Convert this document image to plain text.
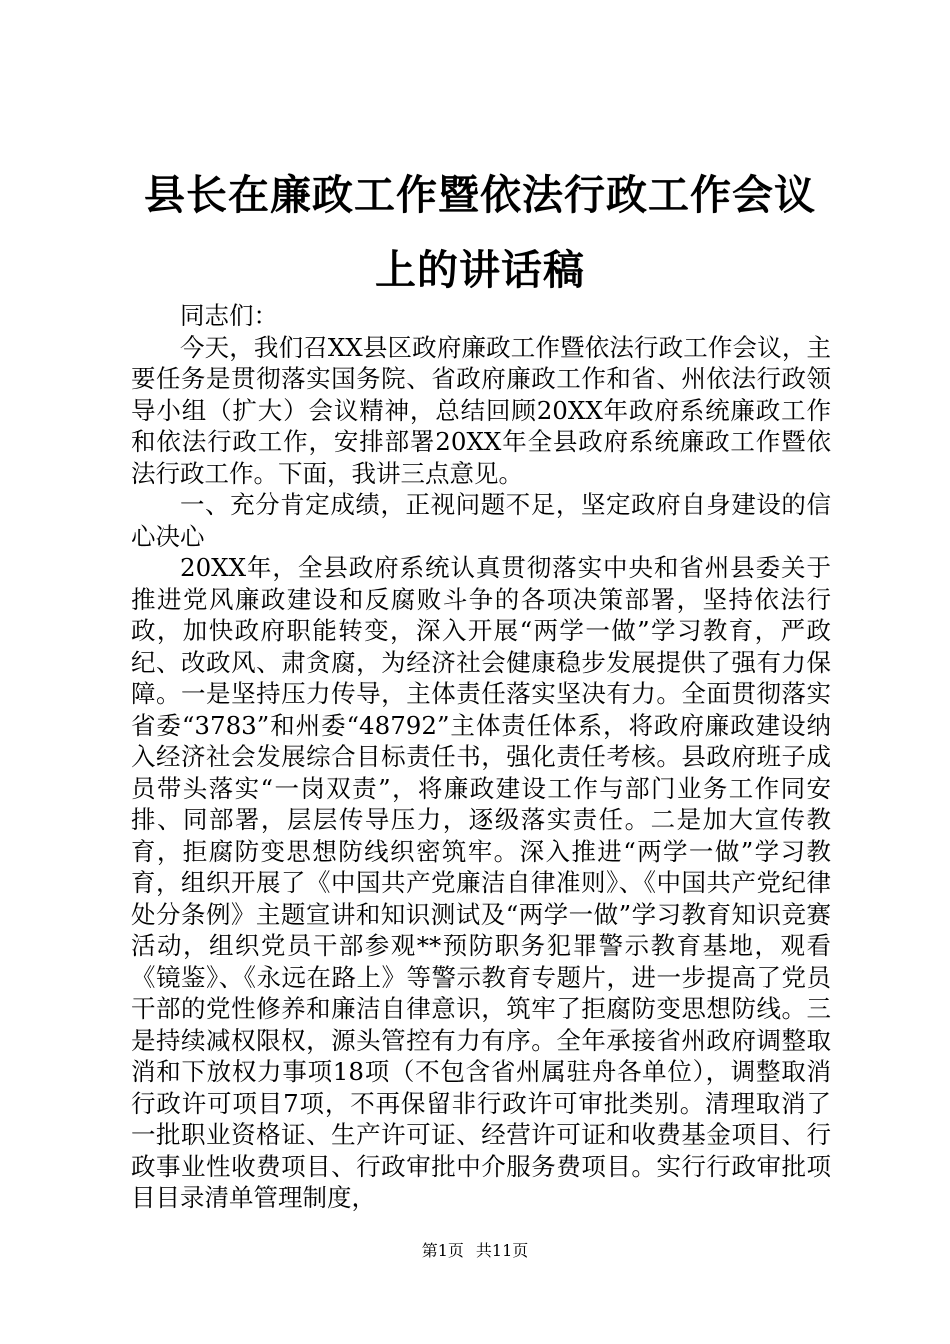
县长在廉政工作暨依法行政工作会议上的讲话稿

同志们：

今天，我们召XX县区政府廉政工作暨依法行政工作会议，主要任务是贯彻落实国务院、省政府廉政工作和省、州依法行政领导小组（扩大）会议精神，总结回顾20XX年政府系统廉政工作和依法行政工作，安排部署20XX年全县政府系统廉政工作暨依法行政工作。下面，我讲三点意见。

一、充分肯定成绩，正视问题不足，坚定政府自身建设的信心决心

20XX年，全县政府系统认真贯彻落实中央和省州县委关于推进党风廉政建设和反腐败斗争的各项决策部署，坚持依法行政，加快政府职能转变，深入开展“两学一做”学习教育，严政纪、改政风、肃贪腐，为经济社会健康稳步发展提供了强有力保障。一是坚持压力传导，主体责任落实坚决有力。全面贯彻落实省委“3783”和州委“48792”主体责任体系，将政府廉政建设纳入经济社会发展综合目标责任书，强化责任考核。县政府班子成员带头落实“一岗双责”，将廉政建设工作与部门业务工作同安排、同部署，层层传导压力，逐级落实责任。二是加大宣传教育，拒腐防变思想防线织密筑牢。深入推进“两学一做”学习教育，组织开展了《中国共产党廉洁自律准则》、《中国共产党纪律处分条例》主题宣讲和知识测试及“两学一做”学习教育知识竞赛活动，组织党员干部参观**预防职务犯罪警示教育基地，观看《镜鉴》、《永远在路上》等警示教育专题片，进一步提高了党员干部的党性修养和廉洁自律意识，筑牢了拒腐防变思想防线。三是持续减权限权，源头管控有力有序。全年承接省州政府调整取消和下放权力事项18项（不包含省州属驻舟各单位），调整取消行政许可项目7项，不再保留非行政许可审批类别。清理取消了一批职业资格证、生产许可证、经营许可证和收费基金项目、行政事业性收费项目、行政审批中介服务费项目。实行行政审批项目目录清单管理制度，

第1页 共11页
